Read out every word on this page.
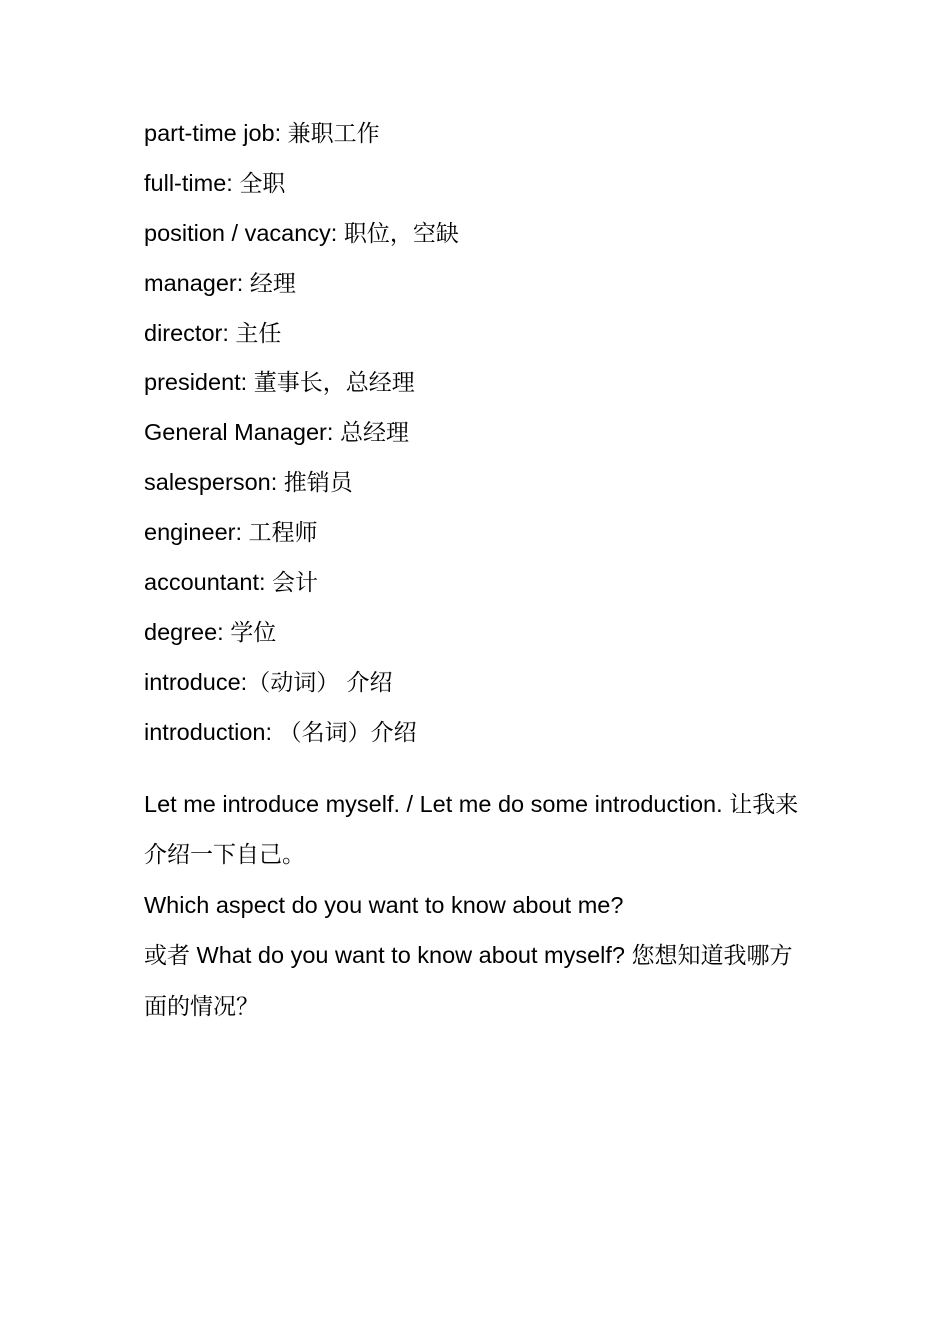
part-time job: 兼职工作
full-time: 全职
position / vacancy: 职位，空缺
manager: 经理
director: 主任
president: 董事长，总经理
General Manager: 总经理
salesperson: 推销员
engineer: 工程师
accountant: 会计
degree: 学位
introduce:（动词） 介绍
introduction: （名词）介绍

Let me introduce myself. / Let me do some introduction. 让我来介绍一下自己。

Which aspect do you want to know about me?

或者 What do you want to know about myself? 您想知道我哪方面的情况？
